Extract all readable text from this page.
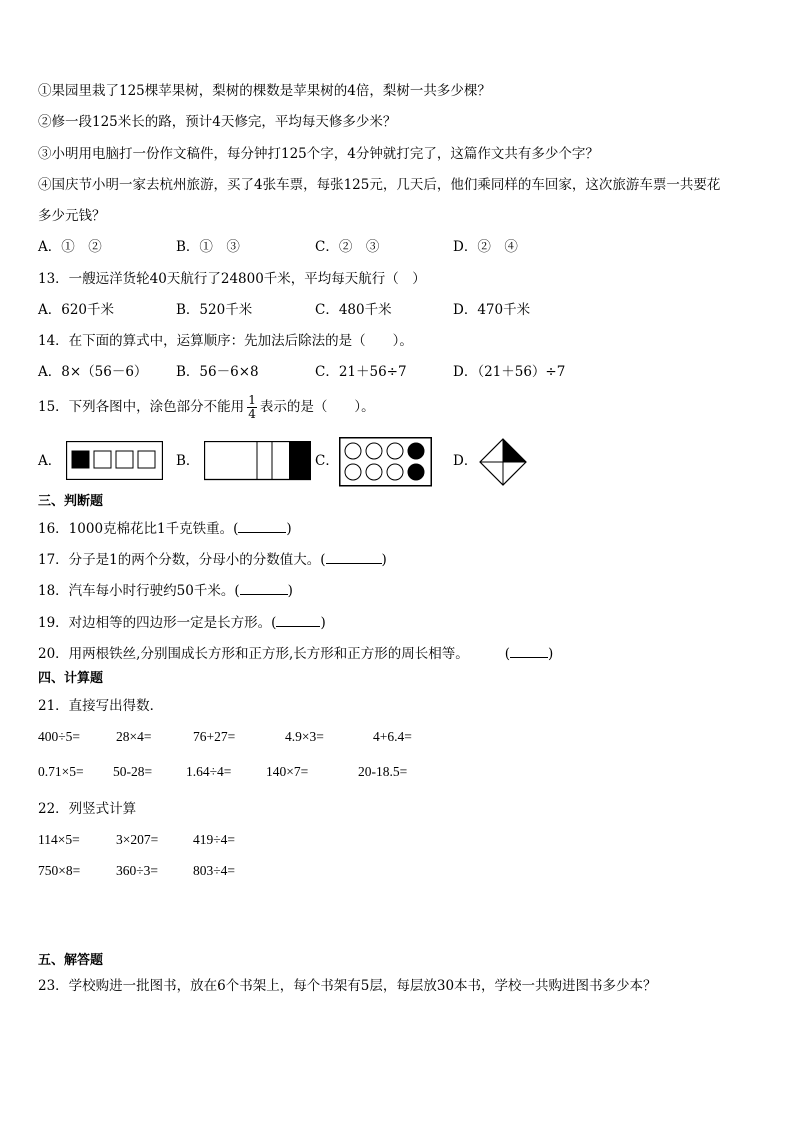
①果园里栽了125棵苹果树，梨树的棵数是苹果树的4倍，梨树一共多少棵？
②修一段125米长的路，预计4天修完，平均每天修多少米？
③小明用电脑打一份作文稿件，每分钟打125个字，4分钟就打完了，这篇作文共有多少个字？
④国庆节小明一家去杭州旅游，买了4张车票，每张125元，几天后，他们乘同样的车回家，这次旅游车票一共要花
多少元钱？
A．①　②	B．①　③	C．②　③	D．②　④
13．一艘远洋货轮40天航行了24800千米，平均每天航行（　）
A．620千米	B．520千米	C．480千米	D．470千米
14．在下面的算式中，运算顺序：先加法后除法的是（　　）。
A．8×（56－6） B．56－6×8	C．21＋56÷7	D．（21＋56）÷7
15．下列各图中，涂色部分不能用 $\frac{1}{4}$ 表示的是（　　）。
A．	B．	C．	D．
三、判断题
16．1000克棉花比1千克铁重。(	)
17．分子是1的两个分数，分母小的分数值大。(	)
18．汽车每小时行驶约50千米。(	)
19．对边相等的四边形一定是长方形。(	)
20．用两根铁丝,分别围成长方形和正方形,长方形和正方形的周长相等。	(	)
四、计算题
21．直接写出得数．
400÷5=	28×4=	76+27=	4.9×3=	4+6.4=
0.71×5= 50-28=	1.64÷4=	140×7=	20-18.5=
22．列竖式计算
114×5=	3×207=	419÷4=
750×8=	360÷3=	803÷4=
五、解答题
23．学校购进一批图书，放在6个书架上，每个书架有5层，每层放30本书，学校一共购进图书多少本？
